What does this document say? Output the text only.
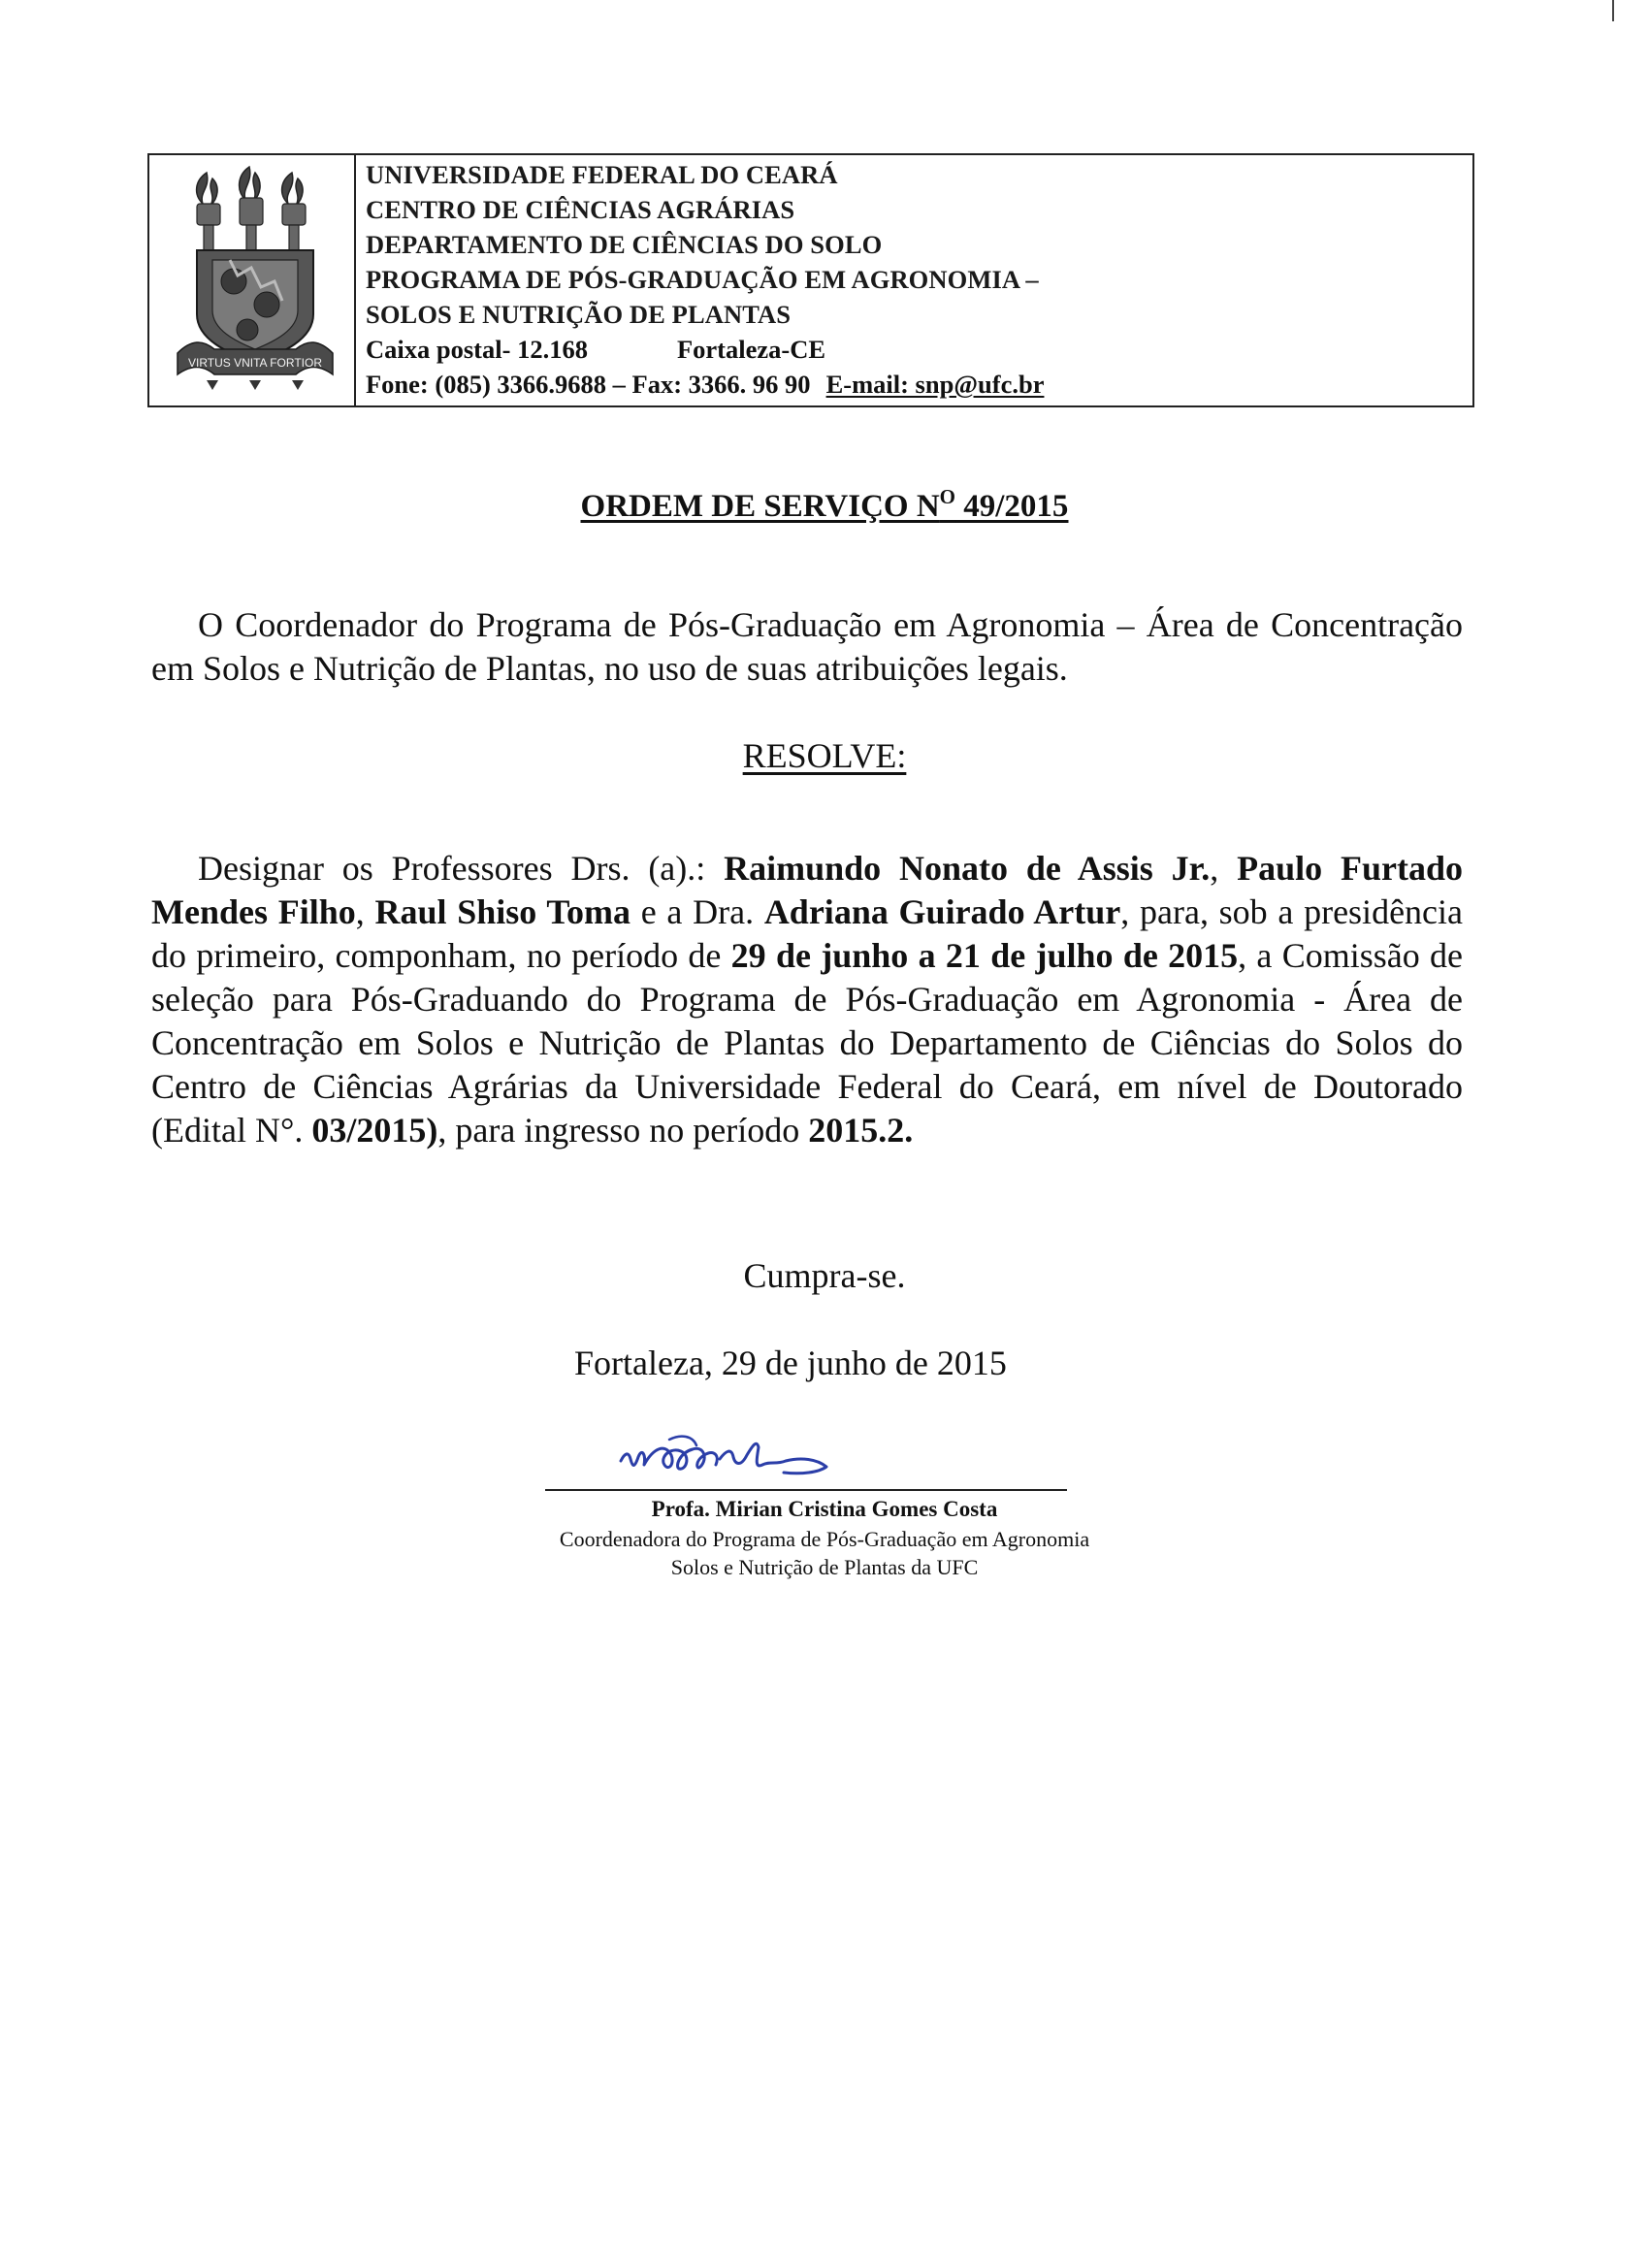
VIRTUS VNITA FORTIOR
UNIVERSIDADE FEDERAL DO CEARÁ
CENTRO DE CIÊNCIAS AGRÁRIAS
DEPARTAMENTO DE CIÊNCIAS DO SOLO
PROGRAMA DE PÓS-GRADUAÇÃO EM AGRONOMIA –
SOLOS E NUTRIÇÃO DE PLANTAS
Caixa postal- 12.168	Fortaleza-CE
Fone: (085) 3366.9688 – Fax: 3366. 96 90 E-mail: snp@ufc.br
ORDEM DE SERVIÇO $N^O$ 49/2015
O Coordenador do Programa de Pós-Graduação em Agronomia – Área de Concentração em Solos e Nutrição de Plantas, no uso de suas atribuições legais.
RESOLVE:
Designar os Professores Drs. (a).: Raimundo Nonato de Assis Jr., Paulo Furtado Mendes Filho, Raul Shiso Toma e a Dra. Adriana Guirado Artur, para, sob a presidência do primeiro, componham, no período de 29 de junho a 21 de julho de 2015, a Comissão de seleção para Pós-Graduando do Programa de Pós-Graduação em Agronomia - Área de Concentração em Solos e Nutrição de Plantas do Departamento de Ciências do Solos do Centro de Ciências Agrárias da Universidade Federal do Ceará, em nível de Doutorado (Edital N°. 03/2015), para ingresso no período 2015.2.
Cumpra-se.
Fortaleza, 29 de junho de 2015
Profa. Mirian Cristina Gomes Costa
Coordenadora do Programa de Pós-Graduação em Agronomia
Solos e Nutrição de Plantas da UFC
